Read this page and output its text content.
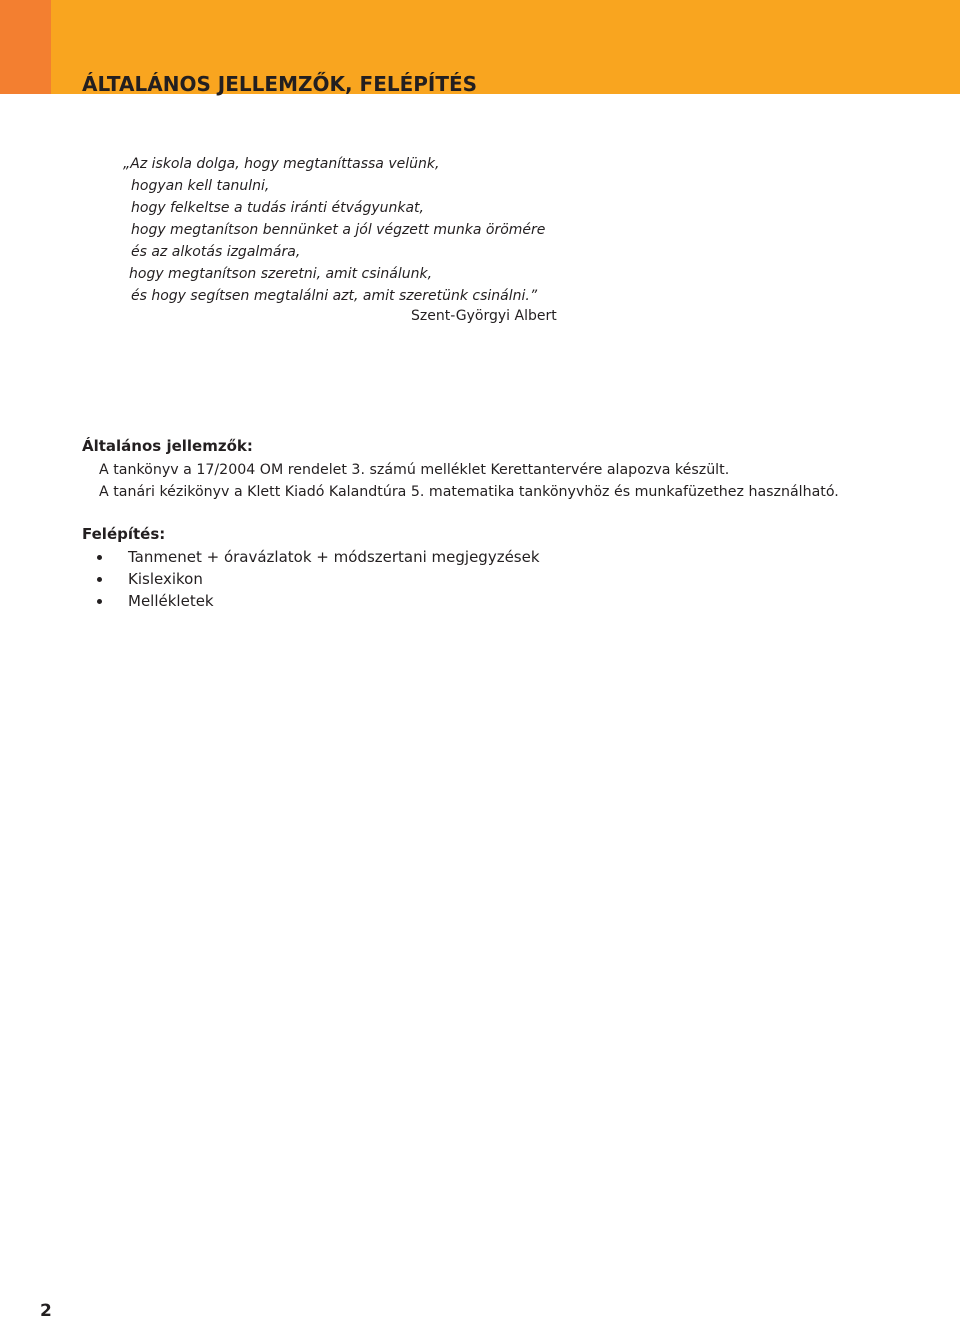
ÁLTALÁNOS JELLEMZŐK, FELÉPÍTÉS
„Az iskola dolga, hogy megtaníttassa velünk,
hogyan kell tanulni,
hogy felkeltse a tudás iránti étvágyunkat,
hogy megtanítson bennünket a jól végzett munka örömére
és az alkotás izgalmára,
hogy megtanítson szeretni, amit csinálunk,
és hogy segítsen megtalálni azt, amit szeretünk csinálni.”
Szent-Györgyi Albert
Általános jellemzők:
A tankönyv a 17/2004 OM rendelet 3. számú melléklet Kerettantervére alapozva készült.
A tanári kézikönyv a Klett Kiadó Kalandtúra 5. matematika tankönyvhöz és munkafüzethez használható.
Felépítés:
Tanmenet + óravázlatok + módszertani megjegyzések
Kislexikon
Mellékletek
2
